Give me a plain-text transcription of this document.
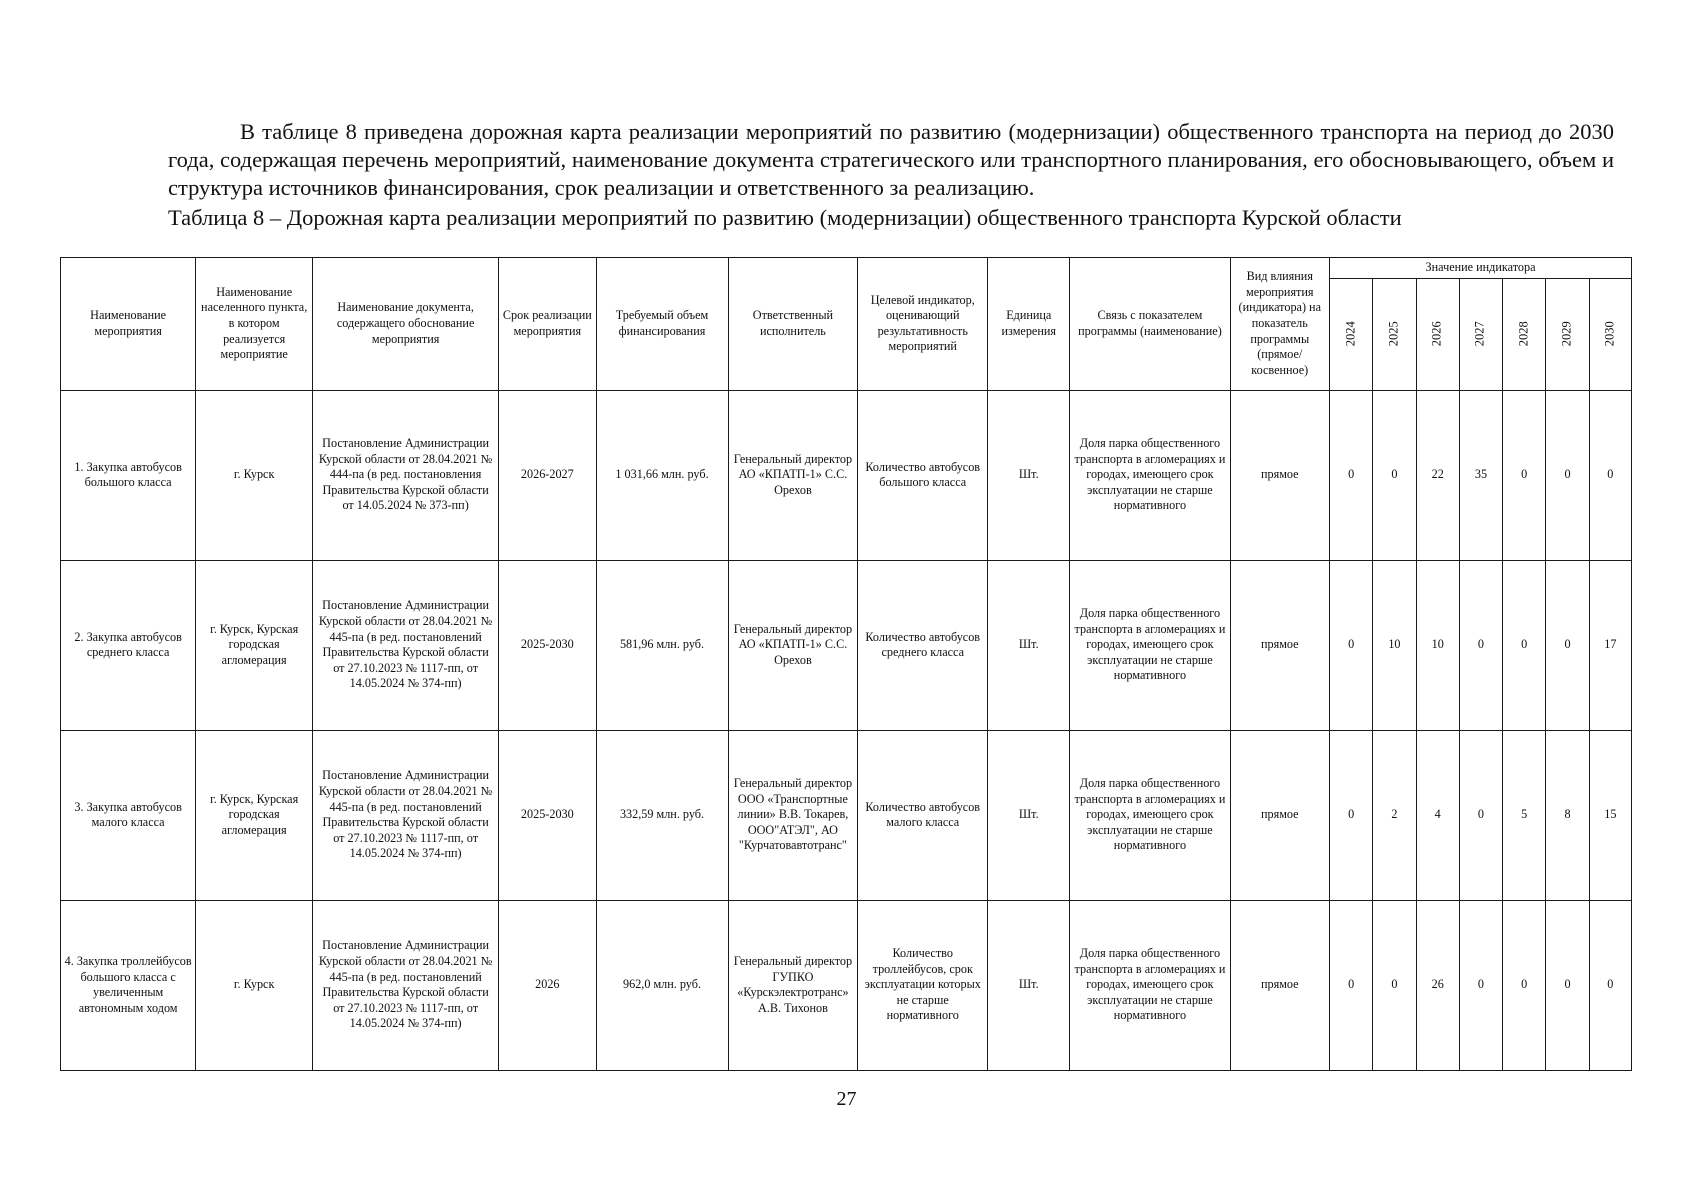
В таблице 8 приведена дорожная карта реализации мероприятий по развитию (модернизации) общественного транспорта на период до 2030 года, содержащая перечень мероприятий, наименование документа стратегического или транспортного планирования, его обосновывающего, объем и структура источников финансирования, срок реализации и ответственного за реализацию.

Таблица 8 – Дорожная карта реализации мероприятий по развитию (модернизации) общественного транспорта Курской области
Наименование мероприятия	Наименование населенного пункта, в котором реализуется мероприятие	Наименование документа, содержащего обоснование мероприятия	Срок реализации мероприятия	Требуемый объем финансирования	Ответственный исполнитель	Целевой индикатор, оценивающий результативность мероприятий	Единица измерения	Связь с показателем программы (наименование)	Вид влияния мероприятия (индикатора) на показатель программы (прямое/ косвенное)	Значение индикатора						
										2024	2025	2026	2027	2028	2029	2030
1. Закупка автобусов большого класса	г. Курск	Постановление Администрации Курской области от 28.04.2021 № 444-па (в ред. постановления Правительства Курской области от 14.05.2024 № 373-пп)	2026-2027	1 031,66 млн. руб.	Генеральный директор АО «КПАТП-1» С.С. Орехов	Количество автобусов большого класса	Шт.	Доля парка общественного транспорта в агломерациях и городах, имеющего срок эксплуатации не старше нормативного	прямое	0	0	22	35	0	0	0
2. Закупка автобусов среднего класса	г. Курск, Курская городская агломерация	Постановление Администрации Курской области от 28.04.2021 № 445-па (в ред. постановлений Правительства Курской области от 27.10.2023 № 1117-пп, от 14.05.2024 № 374-пп)	2025-2030	581,96 млн. руб.	Генеральный директор АО «КПАТП-1» С.С. Орехов	Количество автобусов среднего класса	Шт.	Доля парка общественного транспорта в агломерациях и городах, имеющего срок эксплуатации не старше нормативного	прямое	0	10	10	0	0	0	17
3. Закупка автобусов малого класса	г. Курск, Курская городская агломерация	Постановление Администрации Курской области от 28.04.2021 № 445-па (в ред. постановлений Правительства Курской области от 27.10.2023 № 1117-пп, от 14.05.2024 № 374-пп)	2025-2030	332,59 млн. руб.	Генеральный директор ООО «Транспортные линии» В.В. Токарев, ООО"АТЭЛ", АО "Курчатовавтотранс"	Количество автобусов малого класса	Шт.	Доля парка общественного транспорта в агломерациях и городах, имеющего срок эксплуатации не старше нормативного	прямое	0	2	4	0	5	8	15
4. Закупка троллейбусов большого класса с увеличенным автономным ходом	г. Курск	Постановление Администрации Курской области от 28.04.2021 № 445-па (в ред. постановлений Правительства Курской области от 27.10.2023 № 1117-пп, от 14.05.2024 № 374-пп)	2026	962,0 млн. руб.	Генеральный директор ГУПКО «Курскэлектротранс» А.В. Тихонов	Количество троллейбусов, срок эксплуатации которых не старше нормативного	Шт.	Доля парка общественного транспорта в агломерациях и городах, имеющего срок эксплуатации не старше нормативного	прямое	0	0	26	0	0	0	0
27
